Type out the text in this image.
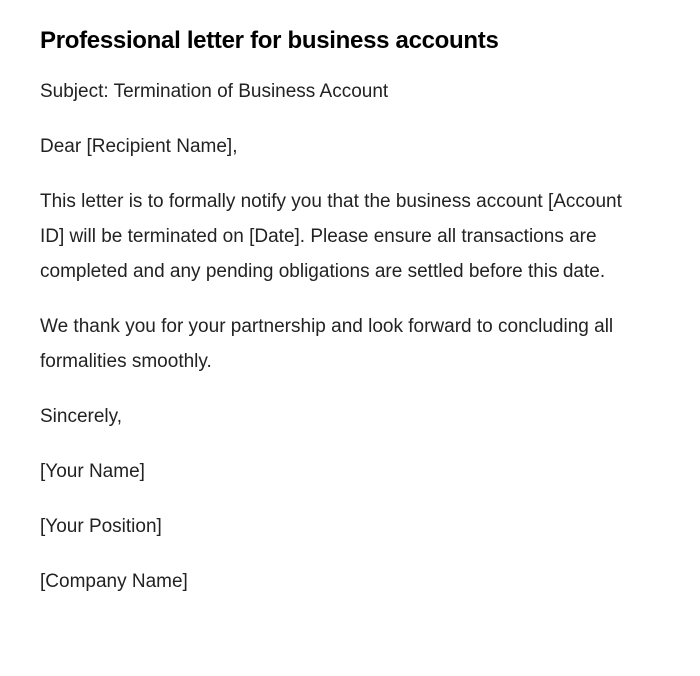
Professional letter for business accounts

Subject: Termination of Business Account

Dear [Recipient Name],

This letter is to formally notify you that the business account [Account ID] will be terminated on [Date]. Please ensure all transactions are completed and any pending obligations are settled before this date.

We thank you for your partnership and look forward to concluding all formalities smoothly.

Sincerely,

[Your Name]

[Your Position]

[Company Name]
